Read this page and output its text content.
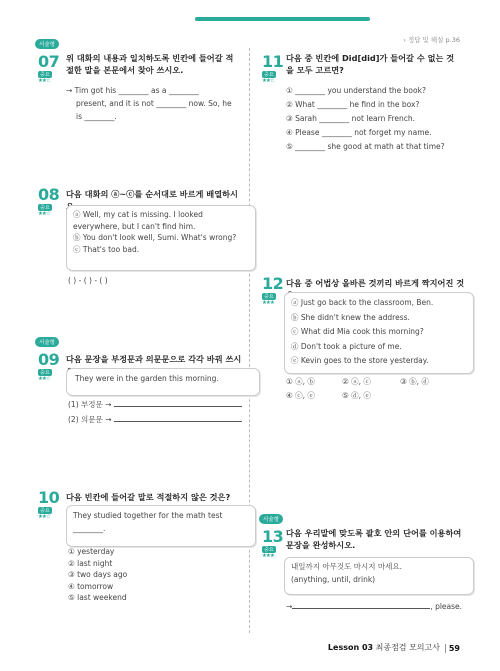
› 정답 및 해설 p.36
서술형
07
중요
★★☆
위 대화의 내용과 일치하도록 빈칸에 들어갈 적절한 말을 본문에서 찾아 쓰시오.
→ Tim got his ________ as a ________
present, and it is not ________ now. So, he
is ________.
08
중요
★★☆
다음 대화의 ⓐ~ⓒ를 순서대로 바르게 배열하시
ⓐ Well, my cat is missing. I looked everywhere, but I can't find him.
ⓑ You don't look well, Sumi. What's wrong?
ⓒ That's too bad.
( ) - ( ) - ( )
서술형
09
중요
★★☆
다음 문장을 부정문과 의문문으로 각각 바꿔 쓰시
They were in the garden this morning.
(1) 부정문 →
(2) 의문문 →
10
중요
★★☆
다음 빈칸에 들어갈 말로 적절하지 않은 것은?
They studied together for the math test ________.
① yesterday
② last night
③ two days ago
④ tomorrow
⑤ last weekend
11
중요
★★☆
다음 중 빈칸에 Did[did]가 들어갈 수 없는 것을 모두 고르면?
① ________ you understand the book?
② What ________ he find in the box?
③ Sarah ________ not learn French.
④ Please ________ not forget my name.
⑤ ________ she good at math at that time?
12
중요
★★★
다음 중 어법상 올바른 것끼리 바르게 짝지어진 것
ⓐ Just go back to the classroom, Ben.
ⓑ She didn't knew the address.
ⓒ What did Mia cook this morning?
ⓓ Don't took a picture of me.
ⓔ Kevin goes to the store yesterday.
① ⓐ, ⓑ	② ⓐ, ⓒ	③ ⓑ, ⓓ
④ ⓒ, ⓔ	⑤ ⓓ, ⓔ
서술형
13
중요
★★★
다음 우리말에 맞도록 괄호 안의 단어를 이용하여 문장을 완성하시오.
내일까지 아무것도 마시지 마세요.
(anything, until, drink)
→	, please.
Lesson 03 최종점검 모의고사 59
